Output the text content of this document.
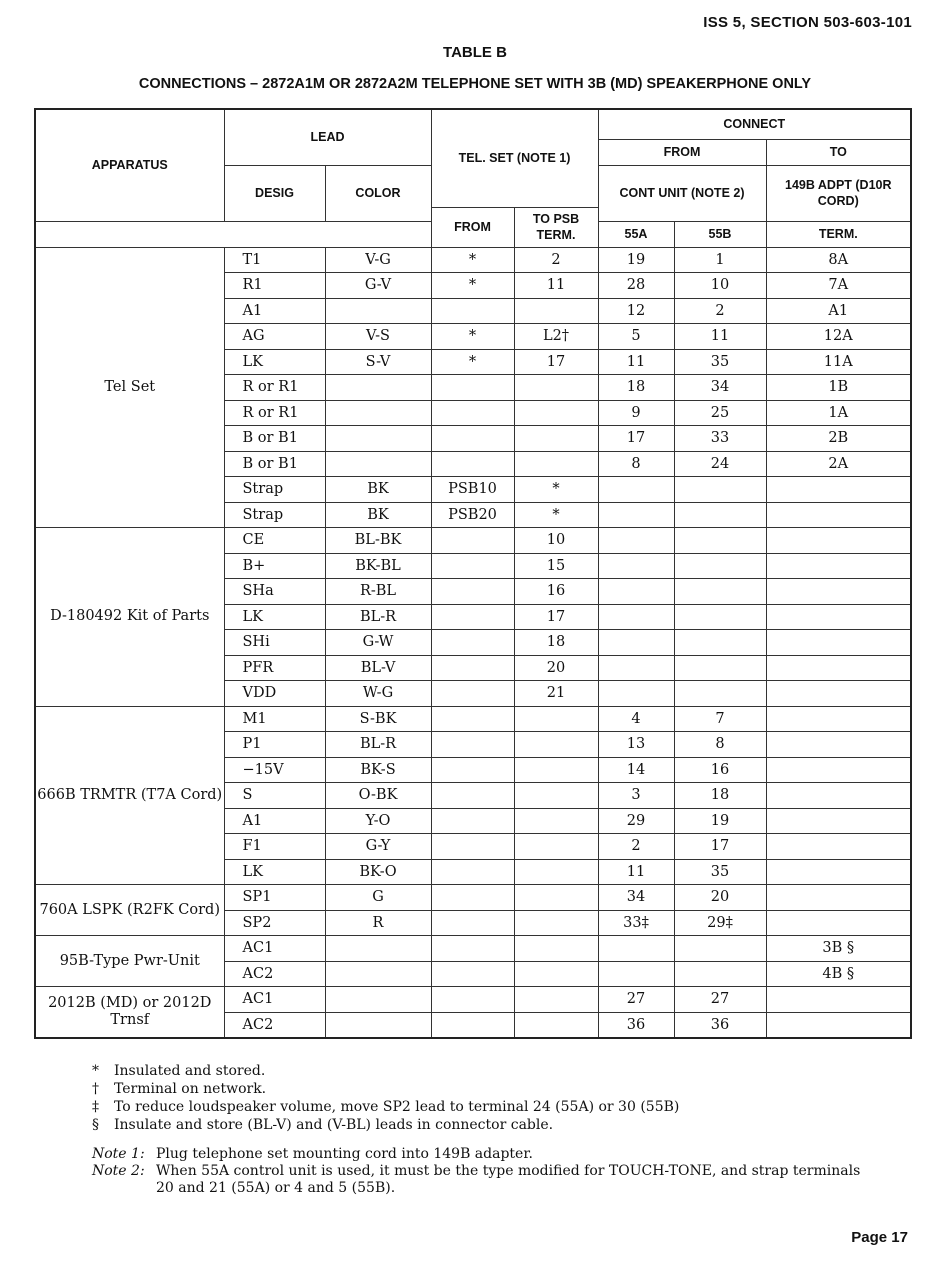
ISS 5, SECTION 503-603-101
TABLE B
CONNECTIONS – 2872A1M OR 2872A2M TELEPHONE SET WITH 3B (MD) SPEAKERPHONE ONLY
APPARATUS	LEAD		TEL. SET (NOTE 1)		CONNECT		
					FROM		TO
	DESIG	COLOR			CONT UNIT (NOTE 2)		149B ADPT (D10R CORD)
			FROM	TO PSB TERM.			
					55A	55B	TERM.
Tel Set	T1	V-G	*	2	19	1	8A
	R1	G-V	*	11	28	10	7A
	A1				12	2	A1
	AG	V-S	*	L2†	5	11	12A
	LK	S-V	*	17	11	35	11A
	R or R1				18	34	1B
	R or R1				9	25	1A
	B or B1				17	33	2B
	B or B1				8	24	2A
	Strap	BK	PSB10	*			
	Strap	BK	PSB20	*			
D-180492 Kit of Parts	CE	BL-BK		10			
	B+	BK-BL		15			
	SHa	R-BL		16			
	LK	BL-R		17			
	SHi	G-W		18			
	PFR	BL-V		20			
	VDD	W-G		21			
666B TRMTR (T7A Cord)	M1	S-BK			4	7	
	P1	BL-R			13	8	
	−15V	BK-S			14	16	
	S	O-BK			3	18	
	A1	Y-O			29	19	
	F1	G-Y			2	17	
	LK	BK-O			11	35	
760A LSPK (R2FK Cord)	SP1	G			34	20	
	SP2	R			33‡	29‡	
95B-Type Pwr-Unit	AC1						3B §
	AC2						4B §
2012B (MD) or 2012D Trnsf	AC1				27	27	
	AC2				36	36	
*	Insulated and stored.
†	Terminal on network.
‡	To reduce loudspeaker volume, move SP2 lead to terminal 24 (55A) or 30 (55B)
§	Insulate and store (BL-V) and (V-BL) leads in connector cable.
Note 1: Plug telephone set mounting cord into 149B adapter.
Note 2: When 55A control unit is used, it must be the type modified for TOUCH-TONE, and strap terminals 20 and 21 (55A) or 4 and 5 (55B).
Page 17
